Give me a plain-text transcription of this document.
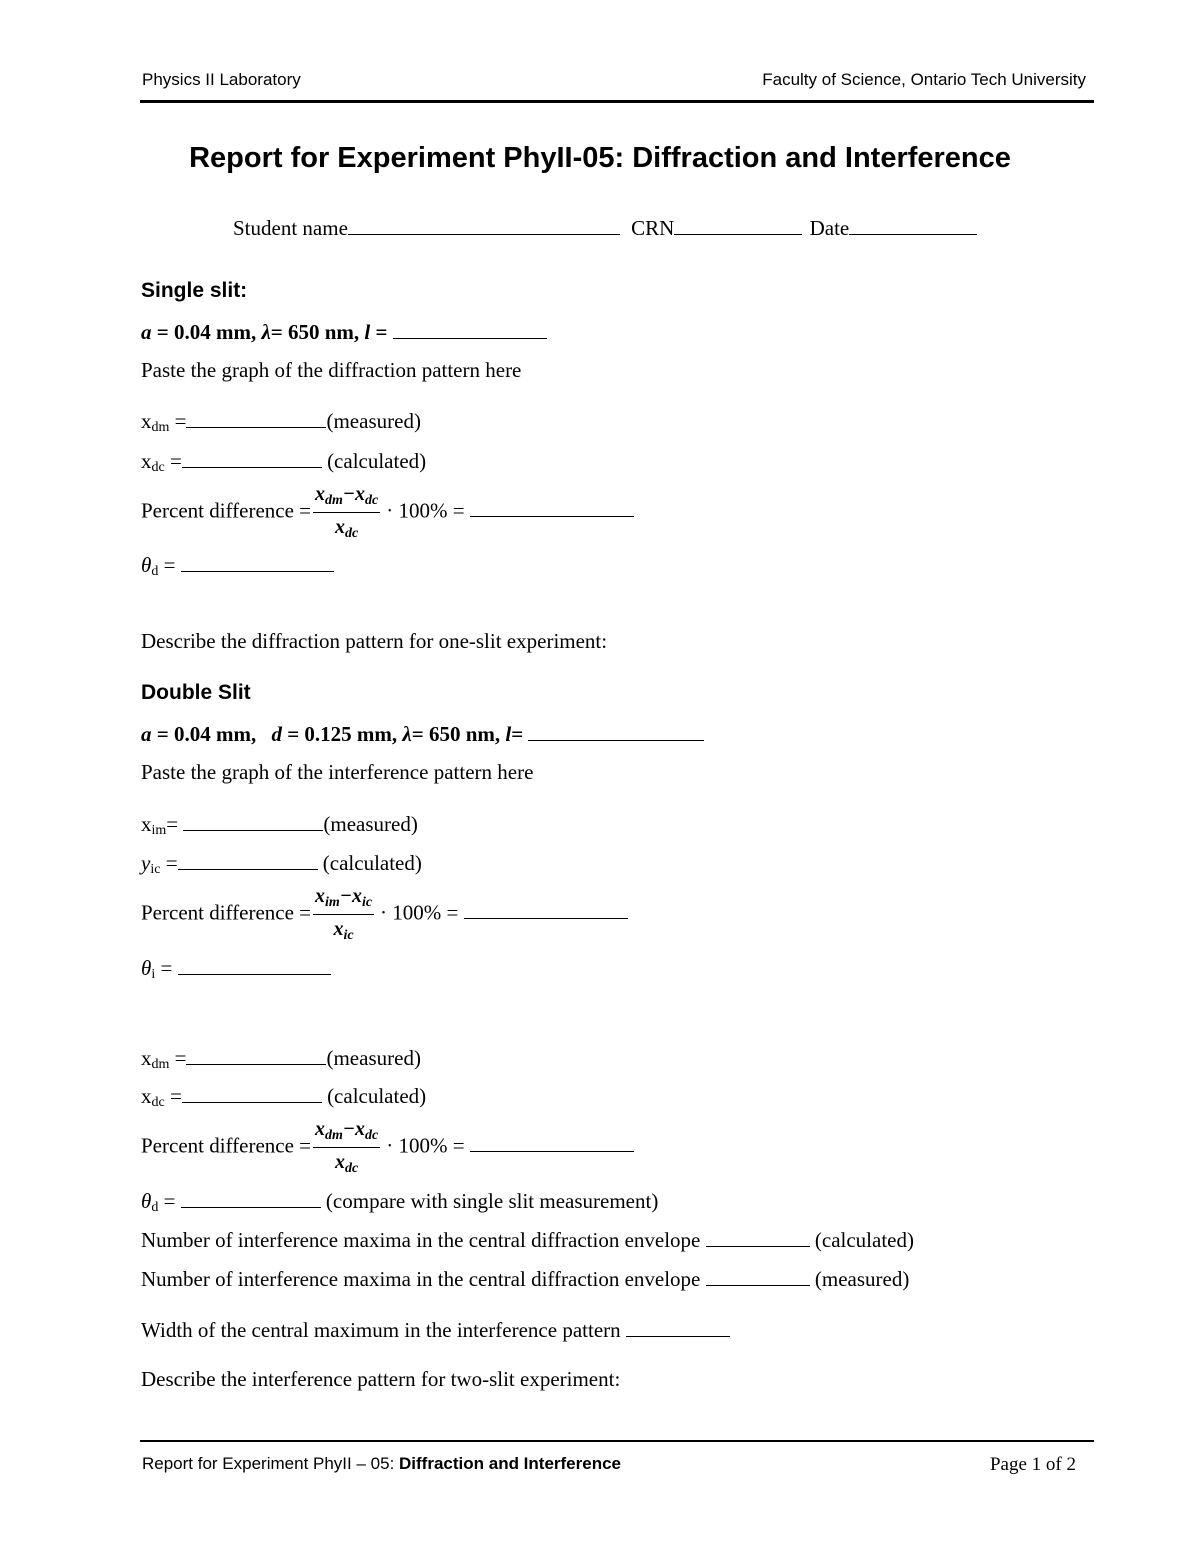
Physics II Laboratory	Faculty of Science, Ontario Tech University
Report for Experiment PhyII-05: Diffraction and Interference
Student name	CRN	Date
Single slit:
a = 0.04 mm, λ= 650 nm, l =
Paste the graph of the diffraction pattern here
$x_{dm}$ =	(measured)
$x_{dc}$ =	(calculated)
Percent difference = $\frac{x_{dm}-x_{dc}}{x_{dc}} \cdot 100\%$ =
$\theta_d$ =
Describe the diffraction pattern for one-slit experiment:
Double Slit
a = 0.04 mm, d = 0.125 mm, λ= 650 nm, l=
Paste the graph of the interference pattern here
$x_{im}=$	(measured)
$y_{ic}$ =	(calculated)
Percent difference = $\frac{x_{im}-x_{ic}}{x_{ic}} \cdot 100\%$ =
$\theta_i$ =
$x_{dm}$ =	(measured)
$x_{dc}$ =	(calculated)
Percent difference = $\frac{x_{dm}-x_{dc}}{x_{dc}} \cdot 100\%$ =
$\theta_d$ =	(compare with single slit measurement)
Number of interference maxima in the central diffraction envelope	(calculated)
Number of interference maxima in the central diffraction envelope	(measured)
Width of the central maximum in the interference pattern
Describe the interference pattern for two-slit experiment:
Report for Experiment PhyII – 05: Diffraction and Interference	Page 1 of 2
